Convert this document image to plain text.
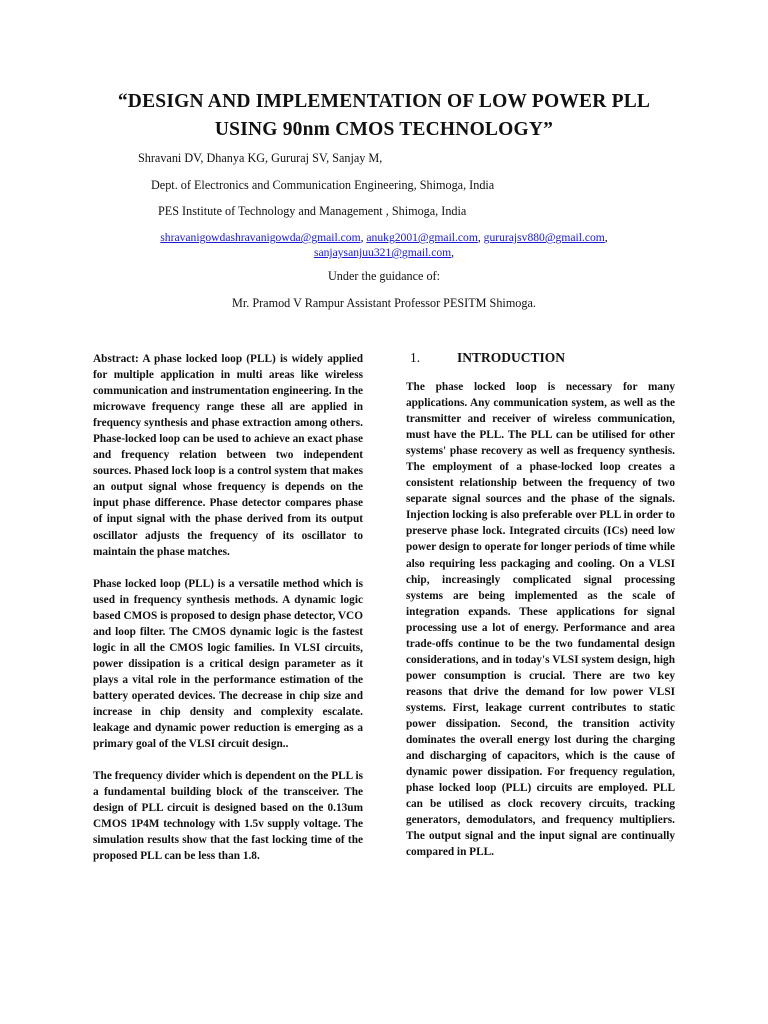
“DESIGN AND IMPLEMENTATION OF LOW POWER PLL
USING 90nm CMOS TECHNOLOGY”
Shravani DV, Dhanya KG, Gururaj SV, Sanjay M,
Dept. of Electronics and Communication Engineering, Shimoga, India
PES Institute of Technology and Management , Shimoga, India
shravanigowdashravanigowda@gmail.com, anukg2001@gmail.com, gururajsv880@gmail.com,
sanjaysanjuu321@gmail.com,
Under the guidance of:
Mr. Pramod V Rampur Assistant Professor PESITM Shimoga.

Abstract: A phase locked loop (PLL) is widely applied for multiple application in multi areas like wireless communication and instrumentation engineering. In the microwave frequency range these all are applied in frequency synthesis and phase extraction among others. Phase-locked loop can be used to achieve an exact phase and frequency relation between two independent sources. Phased lock loop is a control system that makes an output signal whose frequency is depends on the input phase difference. Phase detector compares phase of input signal with the phase derived from its output oscillator adjusts the frequency of its oscillator to maintain the phase matches.

Phase locked loop (PLL) is a versatile method which is used in frequency synthesis methods. A dynamic logic based CMOS is proposed to design phase detector, VCO and loop filter. The CMOS dynamic logic is the fastest logic in all the CMOS logic families. In VLSI circuits, power dissipation is a critical design parameter as it plays a vital role in the performance estimation of the battery operated devices. The decrease in chip size and increase in chip density and complexity escalate. leakage and dynamic power reduction is emerging as a primary goal of the VLSI circuit design..

The frequency divider which is dependent on the PLL is a fundamental building block of the transceiver. The design of PLL circuit is designed based on the 0.13um CMOS 1P4M technology with 1.5v supply voltage. The simulation results show that the fast locking time of the proposed PLL can be less than 1.8.

1.	INTRODUCTION

The phase locked loop is necessary for many applications. Any communication system, as well as the transmitter and receiver of wireless communication, must have the PLL. The PLL can be utilised for other systems' phase recovery as well as frequency synthesis. The employment of a phase-locked loop creates a consistent relationship between the frequency of two separate signal sources and the phase of the signals. Injection locking is also preferable over PLL in order to preserve phase lock. Integrated circuits (ICs) need low power design to operate for longer periods of time while also requiring less packaging and cooling. On a VLSI chip, increasingly complicated signal processing systems are being implemented as the scale of integration expands. These applications for signal processing use a lot of energy. Performance and area trade-offs continue to be the two fundamental design considerations, and in today's VLSI system design, high power consumption is crucial. There are two key reasons that drive the demand for low power VLSI systems. First, leakage current contributes to static power dissipation. Second, the transition activity dominates the overall energy lost during the charging and discharging of capacitors, which is the cause of dynamic power dissipation. For frequency regulation, phase locked loop (PLL) circuits are employed. PLL can be utilised as clock recovery circuits, tracking generators, demodulators, and frequency multipliers. The output signal and the input signal are continually compared in PLL.
